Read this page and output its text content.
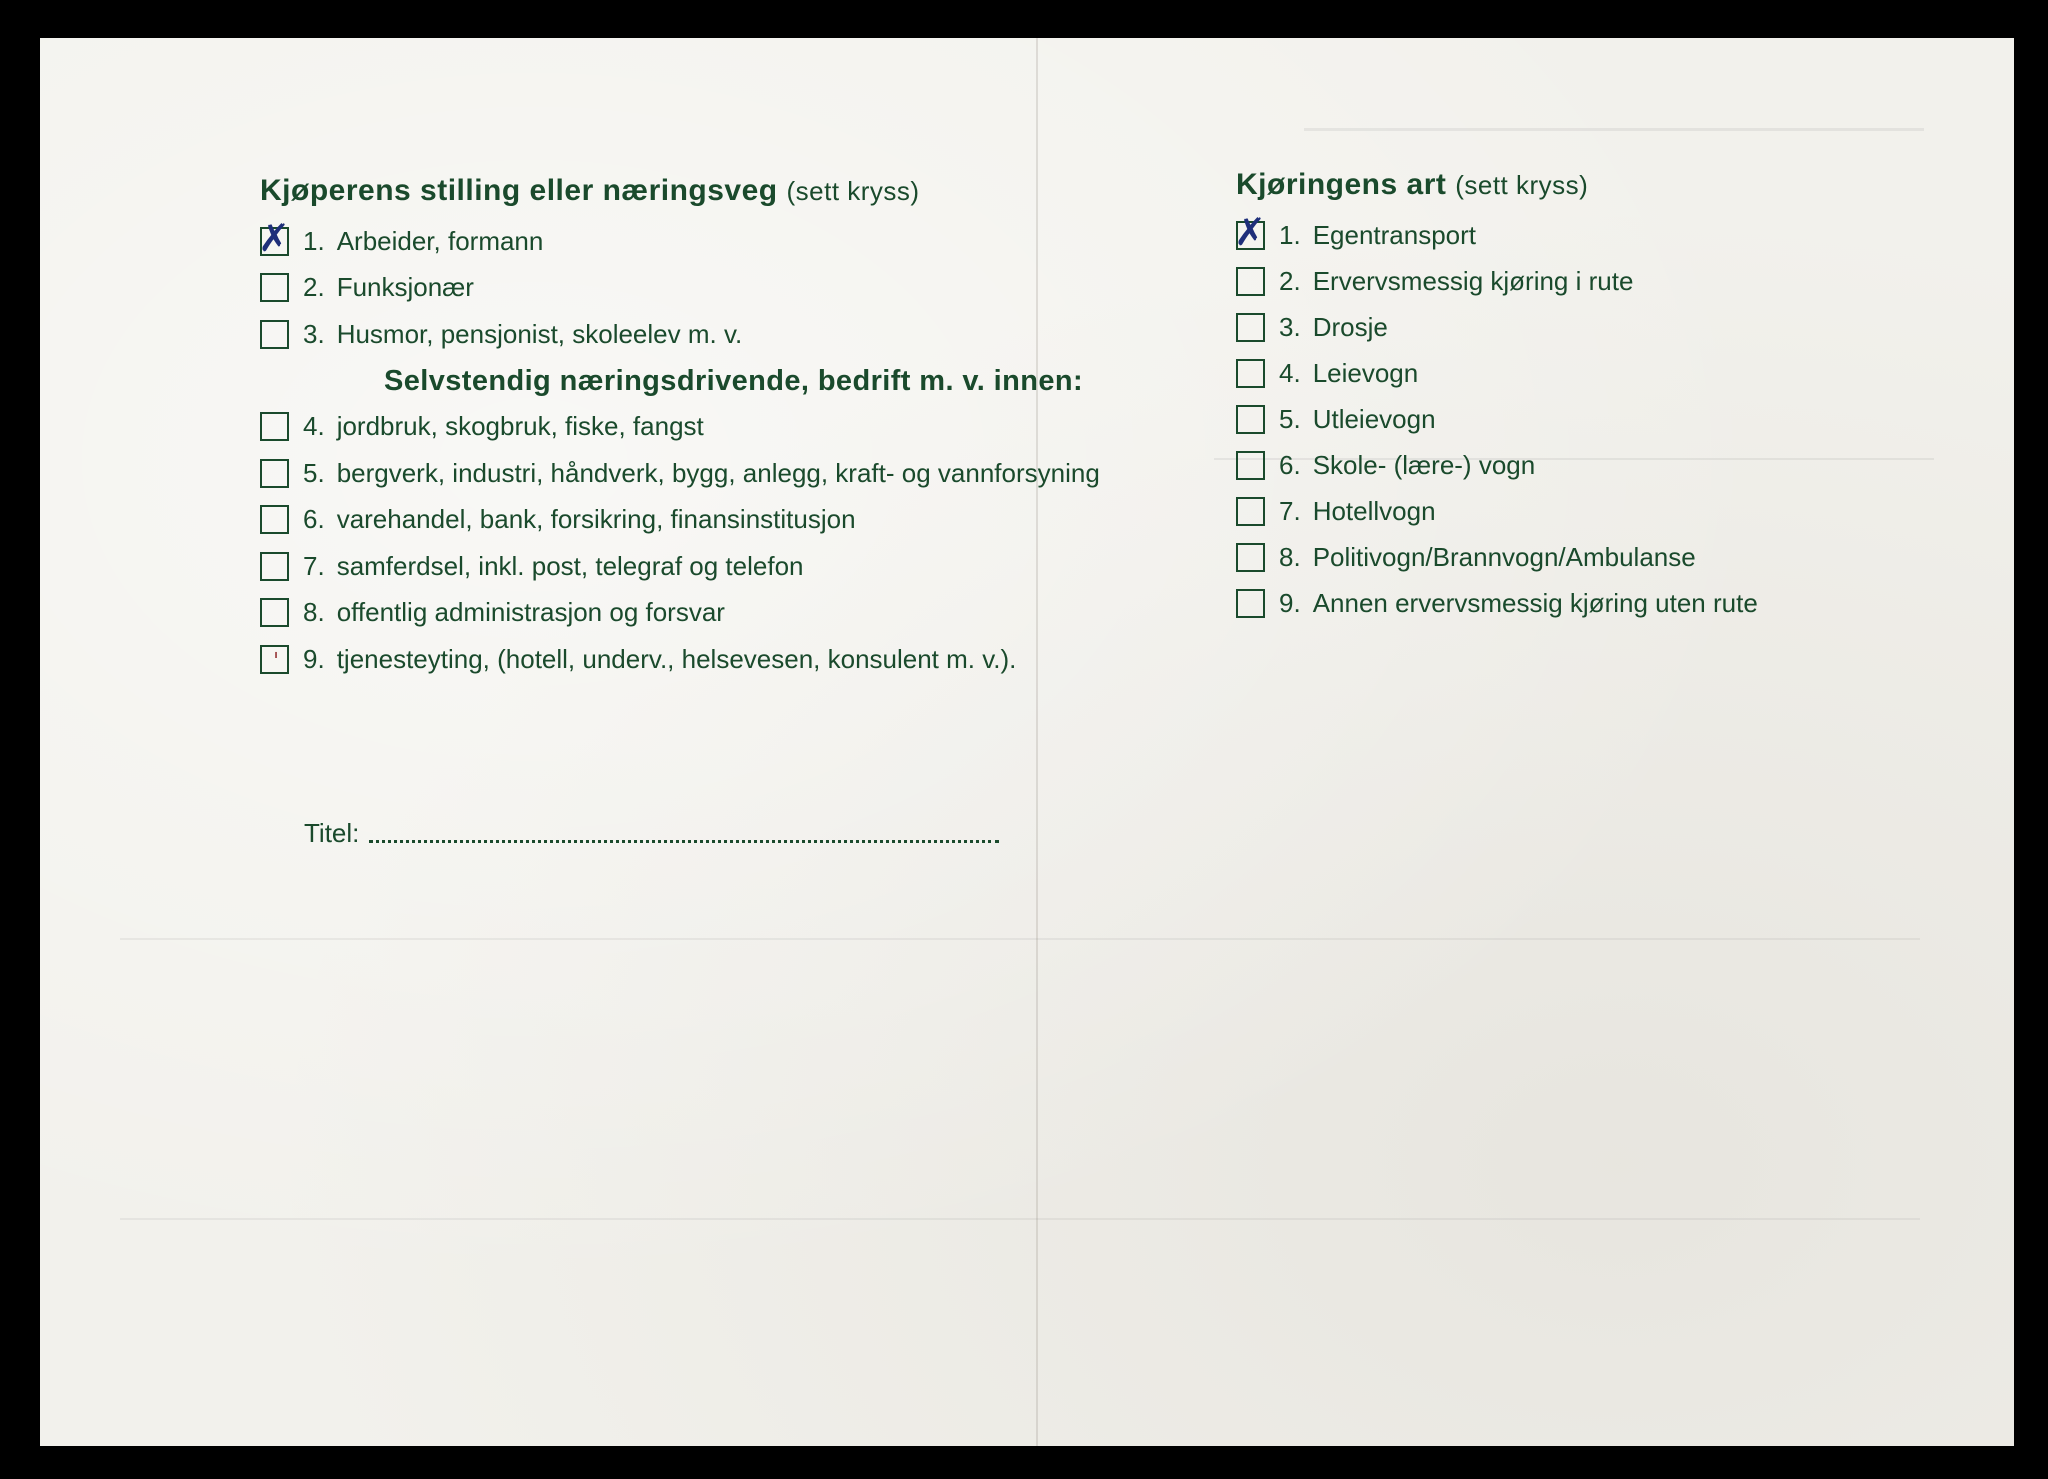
Kjøperens stilling eller næringsveg (sett kryss)
✗ 1. Arbeider, formann
2. Funksjonær
3. Husmor, pensjonist, skoleelev m. v.
Selvstendig næringsdrivende, bedrift m. v. innen:
4. jordbruk, skogbruk, fiske, fangst
5. bergverk, industri, håndverk, bygg, anlegg, kraft- og vannforsyning
6. varehandel, bank, forsikring, finansinstitusjon
7. samferdsel, inkl. post, telegraf og telefon
8. offentlig administrasjon og forsvar
9. tjenesteyting, (hotell, underv., helsevesen, konsulent m. v.).
Titel:
ˈ
Kjøringens art (sett kryss)
✗ 1. Egentransport
2. Ervervsmessig kjøring i rute
3. Drosje
4. Leievogn
5. Utleievogn
6. Skole- (lære-) vogn
7. Hotellvogn
8. Politivogn/Brannvogn/Ambulanse
9. Annen ervervsmessig kjøring uten rute
